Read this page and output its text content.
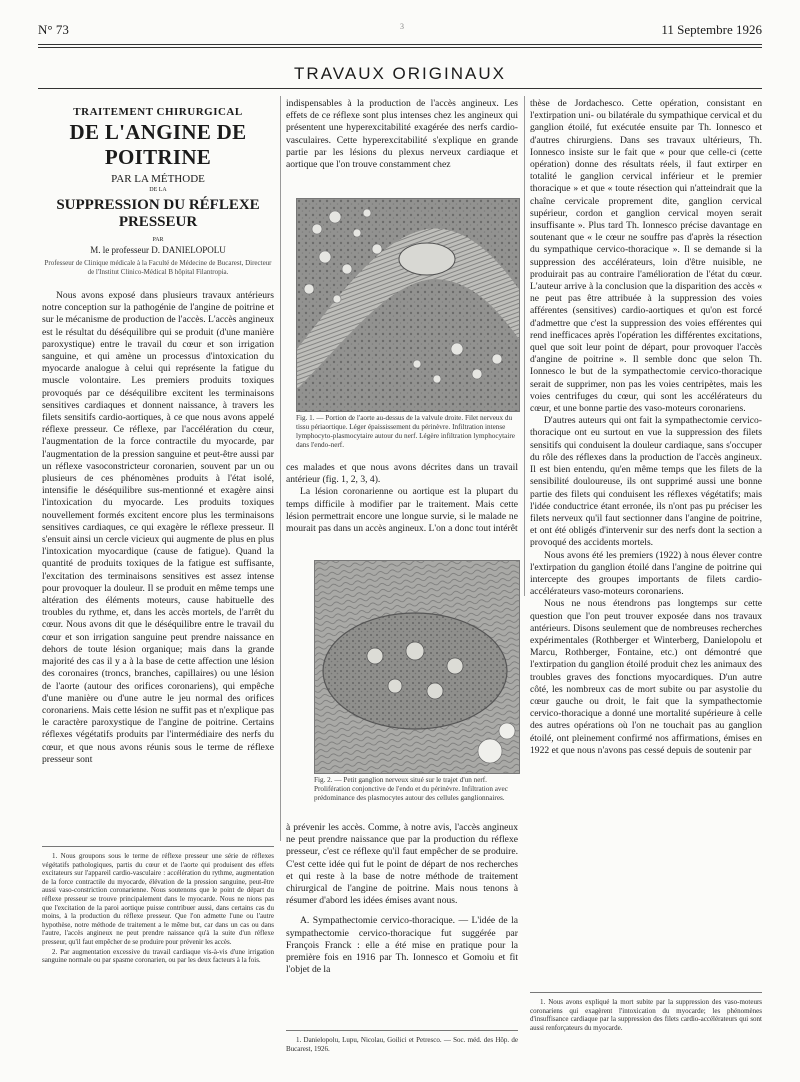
N° 73	3	11 Septembre 1926
TRAVAUX ORIGINAUX
TRAITEMENT CHIRURGICAL
DE L'ANGINE DE POITRINE
PAR LA MÉTHODE
DE LA
SUPPRESSION DU RÉFLEXE PRESSEUR
PAR
M. le professeur D. DANIELOPOLU
Professeur de Clinique médicale à la Faculté de Médecine de Bucarest, Directeur de l'Institut Clinico-Médical B hôpital Filantropia.

Nous avons exposé dans plusieurs travaux antérieurs notre conception sur la pathogénie de l'angine de poitrine et sur le mécanisme de production de l'accès. L'accès angineux est le résultat du déséquilibre qui se produit (d'une manière paroxystique) entre le travail du cœur et son irrigation sanguine, et qui amène un processus d'intoxication du myocarde analogue à celui qui représente la fatigue du muscle volontaire. Les premiers produits toxiques provoqués par ce déséquilibre excitent les terminaisons sensitives cardiaques et donnent naissance, à travers les filets sensitifs cardio-aortiques, à ce que nous avons appelé réflexe presseur. Ce réflexe, par l'accélération du cœur, l'augmentation de la force contractile du myocarde, par l'augmentation de la pression sanguine et peut-être aussi par un réflexe vasoconstricteur coronarien, souvent par un ou plusieurs de ces phénomènes produits à l'état isolé, intensifie le déséquilibre sus-mentionné et exagère ainsi l'intoxication du myocarde. Les produits toxiques nouvellement formés excitent encore plus les terminaisons sensitives cardiaques, ce qui exagère le réflexe presseur. Il s'ensuit ainsi un cercle vicieux qui augmente de plus en plus l'intoxication myocardique (cause de fatigue). Quand la quantité de produits toxiques de la fatigue est suffisante, l'excitation des terminaisons sensitives est assez intense pour provoquer la douleur. Il se produit en même temps une altération des éléments moteurs, cause habituelle des troubles du rythme, et, dans les accès mortels, de l'arrêt du cœur. Nous avons dit que le déséquilibre entre le travail du cœur et son irrigation sanguine peut prendre naissance en dehors de toute lésion organique; mais dans la grande majorité des cas il y a à la base de cette affection une lésion des coronaires (troncs, branches, capillaires) ou une lésion de l'aorte (autour des orifices coronariens), qui empêche d'une manière ou d'une autre le jeu normal des orifices coronariens. Mais cette lésion ne suffit pas et n'explique pas le caractère paroxystique de l'angine de poitrine. Certains réflexes végétatifs produits par l'intermédiaire des nerfs du cœur, et que nous avons réunis sous le terme de réflexe presseur sont

1. Nous groupons sous le terme de réflexe presseur une série de réflexes végétatifs pathologiques, partis du cœur et de l'aorte qui produisent des effets excitateurs sur l'appareil cardio-vasculaire : accélération du rythme, augmentation de la force contractile du myocarde, élévation de la pression sanguine, peut-être aussi vaso-constriction coronarienne. Nous soutenons que le point de départ du réflexe presseur se trouve principalement dans le myocarde. Nous ne nions pas que l'excitation de la paroi aortique puisse contribuer aussi, dans certains cas du moins, à la production du réflexe presseur. Que l'on admette l'une ou l'autre hypothèse, notre méthode de traitement a le même but, car dans un cas ou dans l'autre, l'accès angineux ne peut prendre naissance qu'à la suite d'un réflexe presseur, qu'il faut empêcher de se produire pour prévenir les accès.

2. Par augmentation excessive du travail cardiaque vis-à-vis d'une irrigation sanguine normale ou par spasme coronarien, ou par les deux facteurs à la fois.

indispensables à la production de l'accès angineux. Les effets de ce réflexe sont plus intenses chez les angineux qui présentent une hyperexcitabilité exagérée des nerfs cardio-vasculaires. Cette hyperexcitabilité s'explique en grande partie par les lésions du plexus nerveux cardiaque et aortique que l'on trouve constamment chez

Fig. 1. — Portion de l'aorte au-dessus de la valvule droite. Filet nerveux du tissu périaortique. Léger épaississement du périnèvre. Infiltration intense lymphocyto-plasmocytaire autour du nerf. Légère infiltration lymphocytaire dans l'endo-nerf.

ces malades et que nous avons décrites dans un travail antérieur (fig. 1, 2, 3, 4).

La lésion coronarienne ou aortique est la plupart du temps difficile à modifier par le traitement. Mais cette lésion permettrait encore une longue survie, si le malade ne mourait pas dans un accès angineux. L'on a donc tout intérêt

Fig. 2. — Petit ganglion nerveux situé sur le trajet d'un nerf. Prolifération conjonctive de l'endo et du périnèvre. Infiltration avec prédominance des plasmocytes autour des cellules ganglionnaires.

à prévenir les accès. Comme, à notre avis, l'accès angineux ne peut prendre naissance que par la production du réflexe presseur, c'est ce réflexe qu'il faut empêcher de se produire. C'est cette idée qui fut le point de départ de nos recherches et qui reste à la base de notre méthode de traitement chirurgical de l'angine de poitrine. Mais nous tenons à résumer d'abord les idées émises avant nous.

A. Sympathectomie cervico-thoracique. — L'idée de la sympathectomie cervico-thoracique fut suggérée par François Franck : elle a été mise en pratique pour la première fois en 1916 par Th. Ionnesco et Gomoiu et fit l'objet de la

1. Danielopolu, Lupu, Nicolau, Goilici et Petresco. — Soc. méd. des Hôp. de Bucarest, 1926.

thèse de Jordachesco. Cette opération, consistant en l'extirpation uni- ou bilatérale du sympathique cervical et du ganglion étoilé, fut exécutée ensuite par Th. Ionnesco et d'autres chirurgiens. Dans ses travaux ultérieurs, Th. Ionnesco insiste sur le fait que « pour que celle-ci (cette opération) donne des résultats réels, il faut extirper en totalité le ganglion cervical inférieur et le premier thoracique » et que « toute résection qui n'atteindrait que la chaîne cervicale proprement dite, ganglion cervical supérieur, cordon et ganglion cervical moyen serait insuffisante ». Plus tard Th. Ionnesco précise davantage en soutenant que « le cœur ne souffre pas d'après la résection du sympathique cervico-thoracique ». Il se demande si la suppression des accélérateurs, loin d'être nuisible, ne produirait pas au contraire l'amélioration de l'état du cœur. L'auteur arrive à la conclusion que la disparition des accès « ne peut pas être attribuée à la suppression des voies afférentes (sensitives) cardio-aortiques et qu'on est forcé d'admettre que c'est la suppression des voies efférentes qui rend inefficaces après l'opération les différentes excitations, quel que soit leur point de départ, pour provoquer l'accès d'angine de poitrine ». Il semble donc que selon Th. Ionnesco le but de la sympathectomie cervico-thoracique serait de supprimer, non pas les voies centripètes, mais les voies centrifuges du cœur, qui sont les accélérateurs du cœur, et une bonne partie des vaso-moteurs coronariens.

D'autres auteurs qui ont fait la sympathectomie cervico-thoracique ont eu surtout en vue la suppression des filets sensitifs qui conduisent la douleur cardiaque, sans s'occuper du rôle des réflexes dans la production de l'accès angineux. Il est bien entendu, qu'en même temps que les filets de la sensibilité douloureuse, ils ont supprimé aussi une bonne partie des filets qui conduisent les réflexes végétatifs; mais l'idée conductrice étant erronée, ils n'ont pas pu préciser les filets nerveux qu'il faut sectionner dans l'angine de poitrine, et ont été obligés d'intervenir sur des nerfs dont la section a provoqué des accidents mortels.

Nous avons été les premiers (1922) à nous élever contre l'extirpation du ganglion étoilé dans l'angine de poitrine qui intercepte des groupes importants de filets cardio-accélérateurs vaso-moteurs coronariens.

Nous ne nous étendrons pas longtemps sur cette question que l'on peut trouver exposée dans nos travaux antérieurs. Disons seulement que de nombreuses recherches expérimentales (Rothberger et Winterberg, Danielopolu et Marcu, Rothberger, Fontaine, etc.) ont démontré que l'extirpation du ganglion étoilé produit chez les animaux des troubles graves des fonctions myocardiques. D'un autre côté, les nombreux cas de mort subite ou par asystolie du cœur gauche ou droit, le fait que la sympathectomie cervico-thoracique a donné une mortalité supérieure à celle des autres opérations où l'on ne touchait pas au ganglion étoilé, ont pleinement confirmé nos affirmations, émises en 1922 et que nous n'avons pas cessé depuis de soutenir par

1. Nous avons expliqué la mort subite par la suppression des vaso-moteurs coronariens qui exagèrent l'intoxication du myocarde; les phénomènes d'insuffisance cardiaque par la suppression des filets cardio-accélérateurs qui sont aussi renforçateurs du myocarde.
